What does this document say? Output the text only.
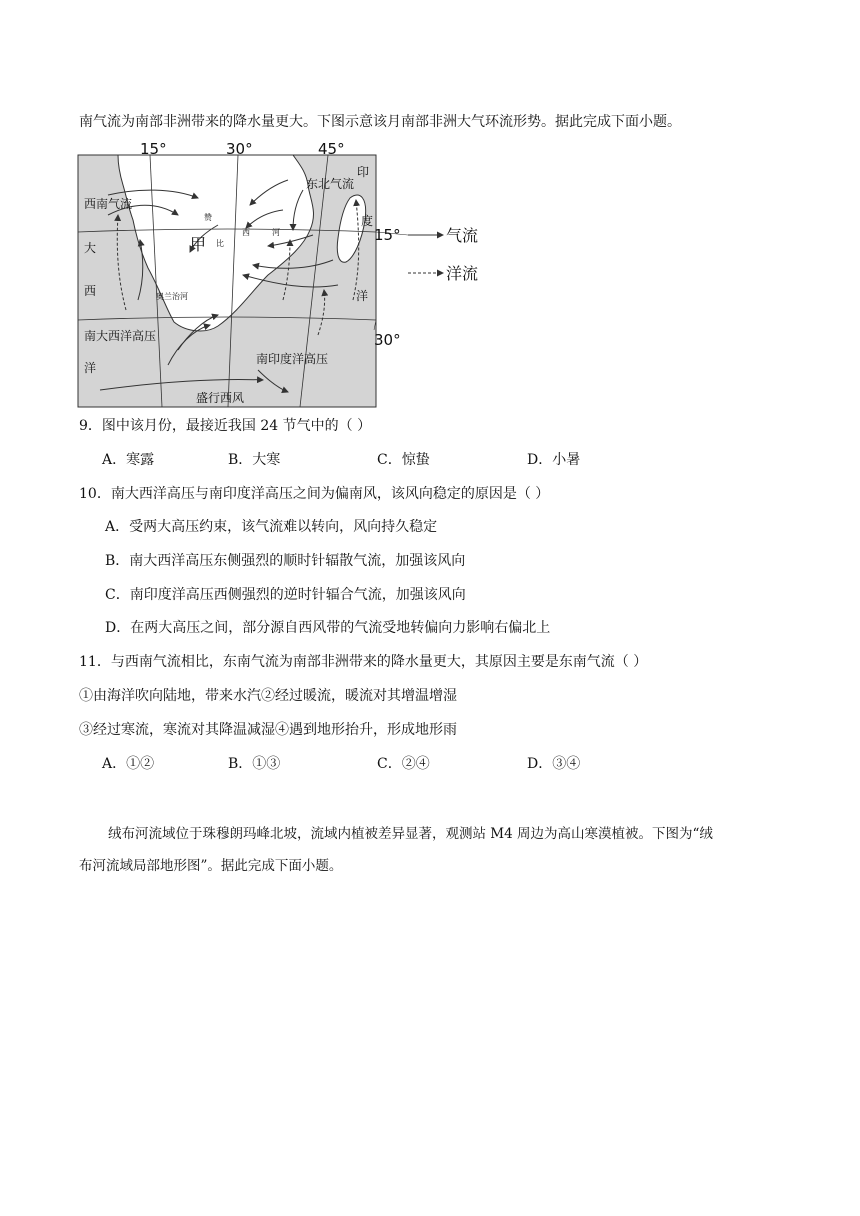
南气流为南部非洲带来的降水量更大。下图示意该月南部非洲大气环流形势。据此完成下面小题。
15°	30°	45°
15°
30°
西南气流
东北气流
大
西
洋
南大西洋高压
南印度洋高压
盛行西风
印
度
洋
甲
赞
比
西	河
奥兰治河
气流
洋流
9．图中该月份，最接近我国 24 节气中的（ ）
A．寒露	B．大寒	C．惊蛰	D．小暑
10．南大西洋高压与南印度洋高压之间为偏南风，该风向稳定的原因是（ ）
A．受两大高压约束，该气流难以转向，风向持久稳定
B．南大西洋高压东侧强烈的顺时针辐散气流，加强该风向
C．南印度洋高压西侧强烈的逆时针辐合气流，加强该风向
D．在两大高压之间，部分源自西风带的气流受地转偏向力影响右偏北上
11．与西南气流相比，东南气流为南部非洲带来的降水量更大，其原因主要是东南气流（ ）
①由海洋吹向陆地，带来水汽②经过暖流，暖流对其增温增湿
③经过寒流，寒流对其降温减湿④遇到地形抬升，形成地形雨
A．①②	B．①③	C．②④	D．③④
绒布河流域位于珠穆朗玛峰北坡，流域内植被差异显著，观测站 M4 周边为高山寒漠植被。下图为“绒
布河流域局部地形图”。据此完成下面小题。
